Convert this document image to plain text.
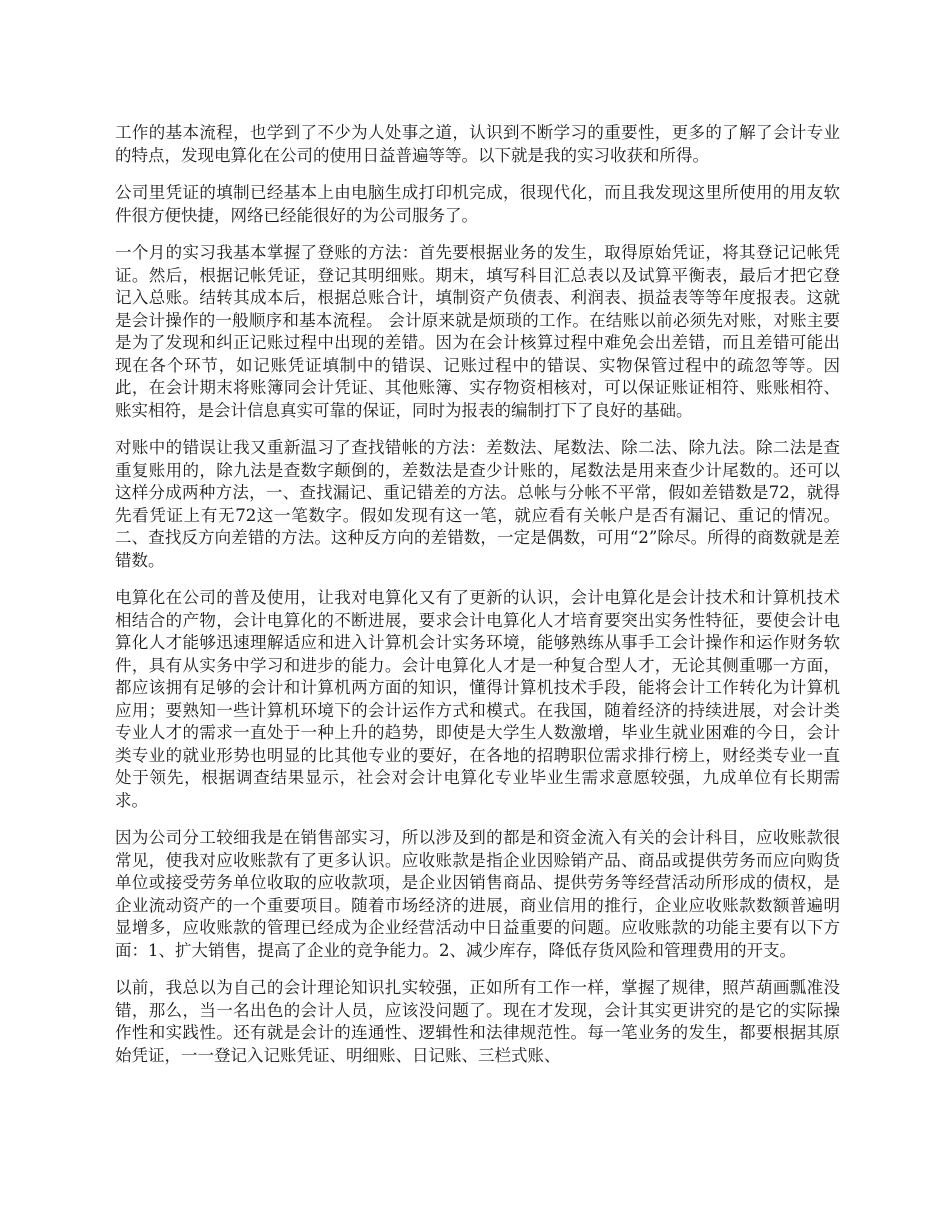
工作的基本流程，也学到了不少为人处事之道，认识到不断学习的重要性，更多的了解了会计专业的特点，发现电算化在公司的使用日益普遍等等。以下就是我的实习收获和所得。

公司里凭证的填制已经基本上由电脑生成打印机完成，很现代化，而且我发现这里所使用的用友软件很方便快捷，网络已经能很好的为公司服务了。

一个月的实习我基本掌握了登账的方法：首先要根据业务的发生，取得原始凭证，将其登记记帐凭证。然后，根据记帐凭证，登记其明细账。期末，填写科目汇总表以及试算平衡表，最后才把它登记入总账。结转其成本后，根据总账合计，填制资产负债表、利润表、损益表等等年度报表。这就是会计操作的一般顺序和基本流程。 会计原来就是烦琐的工作。在结账以前必须先对账，对账主要是为了发现和纠正记账过程中出现的差错。因为在会计核算过程中难免会出差错，而且差错可能出现在各个环节，如记账凭证填制中的错误、记账过程中的错误、实物保管过程中的疏忽等等。因此，在会计期末将账簿同会计凭证、其他账簿、实存物资相核对，可以保证账证相符、账账相符、账实相符，是会计信息真实可靠的保证，同时为报表的编制打下了良好的基础。

对账中的错误让我又重新温习了查找错帐的方法：差数法、尾数法、除二法、除九法。除二法是查重复账用的，除九法是查数字颠倒的，差数法是查少计账的，尾数法是用来查少计尾数的。还可以这样分成两种方法，一、查找漏记、重记错差的方法。总帐与分帐不平常，假如差错数是72，就得先看凭证上有无72这一笔数字。假如发现有这一笔，就应看有关帐户是否有漏记、重记的情况。二、查找反方向差错的方法。这种反方向的差错数，一定是偶数，可用“2”除尽。所得的商数就是差错数。

电算化在公司的普及使用，让我对电算化又有了更新的认识，会计电算化是会计技术和计算机技术相结合的产物，会计电算化的不断进展，要求会计电算化人才培育要突出实务性特征，要使会计电算化人才能够迅速理解适应和进入计算机会计实务环境，能够熟练从事手工会计操作和运作财务软件，具有从实务中学习和进步的能力。会计电算化人才是一种复合型人才，无论其侧重哪一方面，都应该拥有足够的会计和计算机两方面的知识，懂得计算机技术手段，能将会计工作转化为计算机应用；要熟知一些计算机环境下的会计运作方式和模式。在我国，随着经济的持续进展，对会计类专业人才的需求一直处于一种上升的趋势，即使是大学生人数激增，毕业生就业困难的今日，会计类专业的就业形势也明显的比其他专业的要好，在各地的招聘职位需求排行榜上，财经类专业一直处于领先，根据调查结果显示，社会对会计电算化专业毕业生需求意愿较强，九成单位有长期需求。

因为公司分工较细我是在销售部实习，所以涉及到的都是和资金流入有关的会计科目，应收账款很常见，使我对应收账款有了更多认识。应收账款是指企业因赊销产品、商品或提供劳务而应向购货单位或接受劳务单位收取的应收款项，是企业因销售商品、提供劳务等经营活动所形成的债权，是企业流动资产的一个重要项目。随着市场经济的进展，商业信用的推行，企业应收账款数额普遍明显增多，应收账款的管理已经成为企业经营活动中日益重要的问题。应收账款的功能主要有以下方面：1、扩大销售，提高了企业的竞争能力。2、减少库存，降低存货风险和管理费用的开支。

以前，我总以为自己的会计理论知识扎实较强，正如所有工作一样，掌握了规律，照芦葫画瓢准没错，那么，当一名出色的会计人员，应该没问题了。现在才发现，会计其实更讲究的是它的实际操作性和实践性。还有就是会计的连通性、逻辑性和法律规范性。每一笔业务的发生，都要根据其原始凭证，一一登记入记账凭证、明细账、日记账、三栏式账、
